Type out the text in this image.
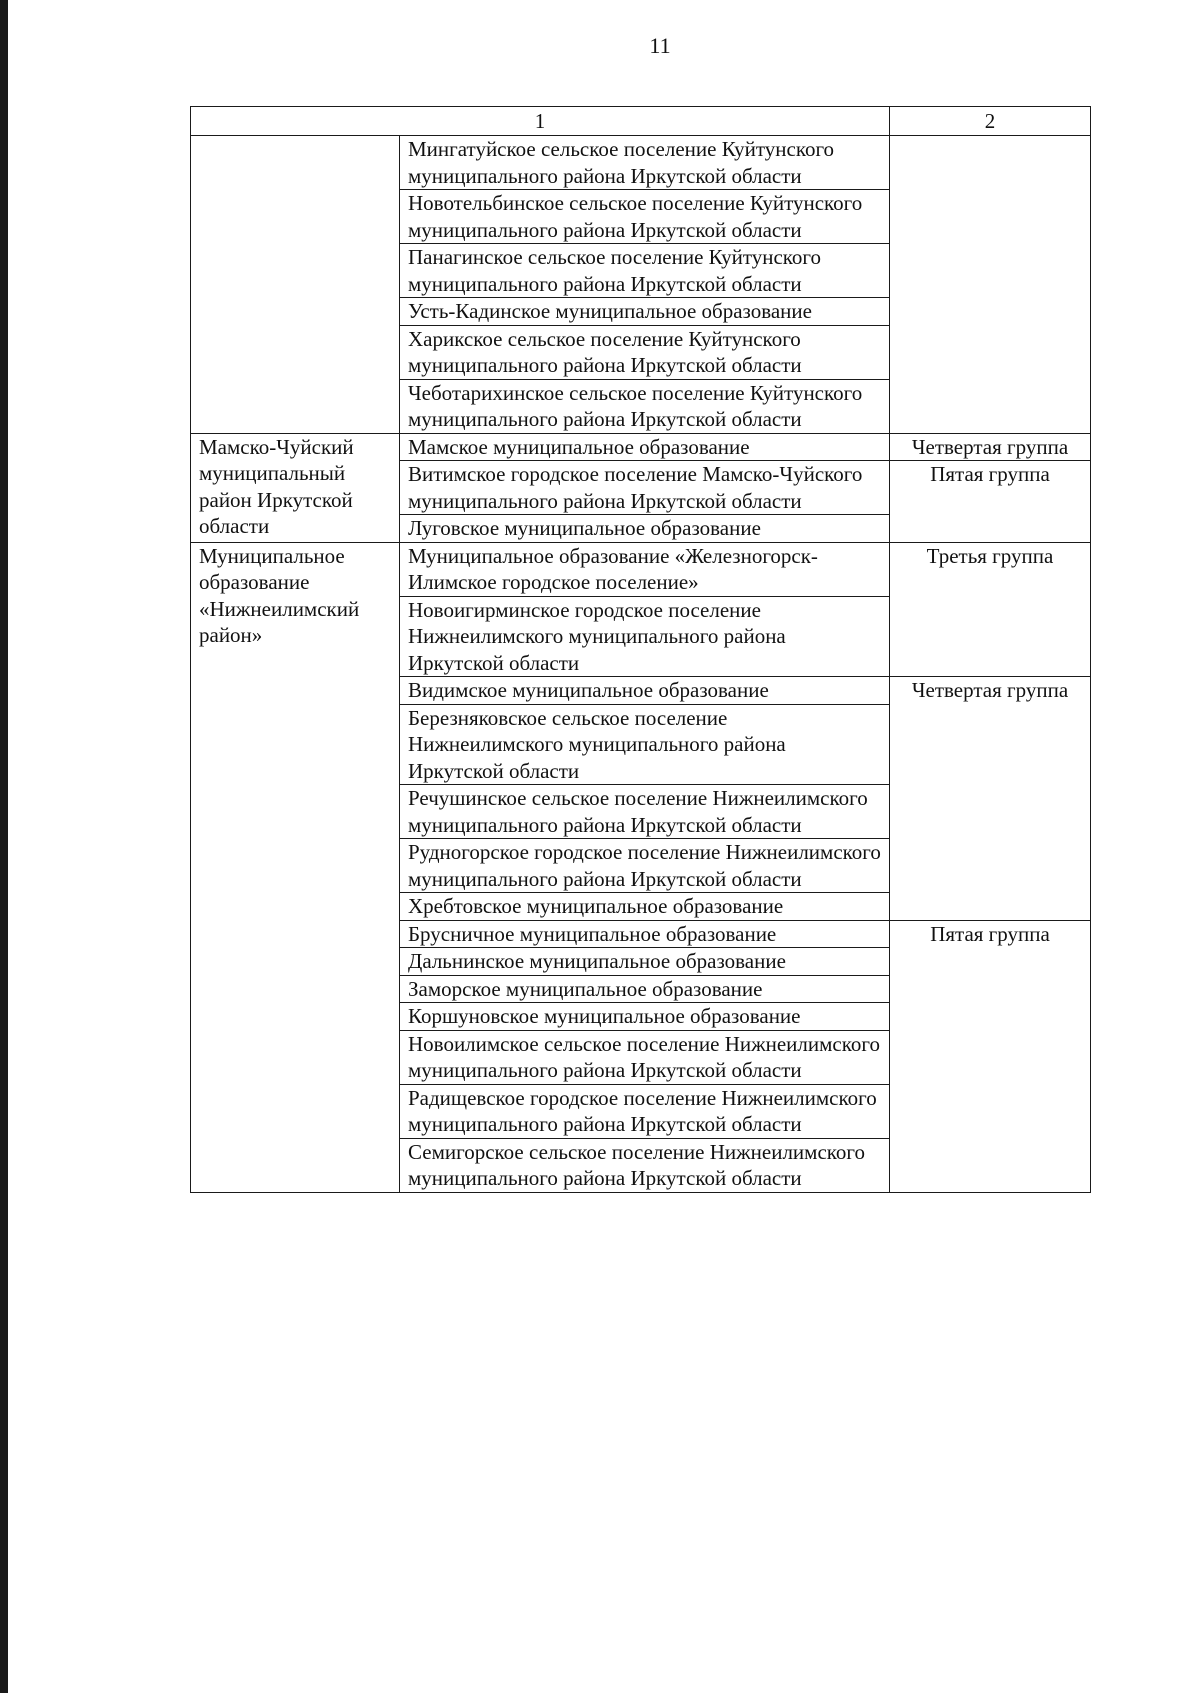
11
1		2
	Мингатуйское сельское поселение Куйтунского муниципального района Иркутской области	
	Новотельбинское сельское поселение Куйтунского муниципального района Иркутской области	
	Панагинское сельское поселение Куйтунского муниципального района Иркутской области	
	Усть-Кадинское муниципальное образование	
	Харикское сельское поселение Куйтунского муниципального района Иркутской области	
	Чеботарихинское сельское поселение Куйтунского муниципального района Иркутской области	
Мамско-Чуйский муниципальный район Иркутской области	Мамское муниципальное образование	Четвертая группа
	Витимское городское поселение Мамско-Чуйского муниципального района Иркутской области	Пятая группа
	Луговское муниципальное образование	
Муниципальное образование «Нижнеилимский район»	Муниципальное образование «Железногорск-Илимское городское поселение»	Третья группа
	Новоигирминское городское поселение Нижнеилимского муниципального района Иркутской области	
	Видимское муниципальное образование	Четвертая группа
	Березняковское сельское поселение Нижнеилимского муниципального района Иркутской области	
	Речушинское сельское поселение Нижнеилимского муниципального района Иркутской области	
	Рудногорское городское поселение Нижнеилимского муниципального района Иркутской области	
	Хребтовское муниципальное образование	
	Брусничное муниципальное образование	Пятая группа
	Дальнинское муниципальное образование	
	Заморское муниципальное образование	
	Коршуновское муниципальное образование	
	Новоилимское сельское поселение Нижнеилимского муниципального района Иркутской области	
	Радищевское городское поселение Нижнеилимского муниципального района Иркутской области	
	Семигорское сельское поселение Нижнеилимского муниципального района Иркутской области	
